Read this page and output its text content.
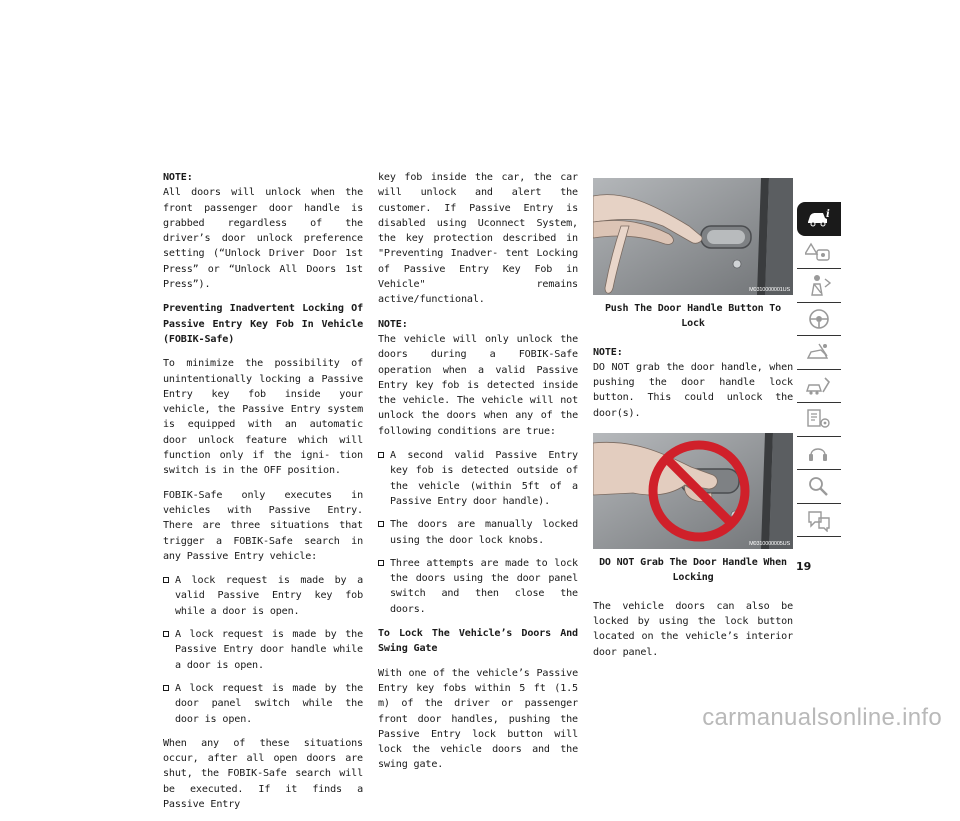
NOTE:
All doors will unlock when the front passenger door handle is grabbed regardless of the driver’s door unlock preference setting (“Unlock Driver Door 1st Press” or “Unlock All Doors 1st Press”).

Preventing Inadvertent Locking Of Passive Entry Key Fob In Vehicle (FOBIK-Safe)

To minimize the possibility of unintentionally locking a Passive Entry key fob inside your vehicle, the Passive Entry system is equipped with an automatic door unlock feature which will function only if the igni- tion switch is in the OFF position.

FOBIK-Safe only executes in vehicles with Passive Entry. There are three situations that trigger a FOBIK-Safe search in any Passive Entry vehicle:

A lock request is made by a valid Passive Entry key fob while a door is open.
A lock request is made by the Passive Entry door handle while a door is open.
A lock request is made by the door panel switch while the door is open.

When any of these situations occur, after all open doors are shut, the FOBIK-Safe search will be executed. If it finds a Passive Entry

key fob inside the car, the car will unlock and alert the customer. If Passive Entry is disabled using Uconnect System, the key protection described in "Preventing Inadver- tent Locking of Passive Entry Key Fob in Vehicle" remains active/functional.

NOTE:
The vehicle will only unlock the doors during a FOBIK-Safe operation when a valid Passive Entry key fob is detected inside the vehicle. The vehicle will not unlock the doors when any of the following conditions are true:

A second valid Passive Entry key fob is detected outside of the vehicle (within 5ft of a Passive Entry door handle).
The doors are manually locked using the door lock knobs.
Three attempts are made to lock the doors using the door panel switch and then close the doors.
To Lock The Vehicle’s Doors And Swing Gate

With one of the vehicle’s Passive Entry key fobs within 5 ft (1.5 m) of the driver or passenger front door handles, pushing the Passive Entry lock button will lock the vehicle doors and the swing gate.

M0310000001US
Push The Door Handle Button To Lock

NOTE:
DO NOT grab the door handle, when pushing the door handle lock button. This could unlock the door(s).

M0310000005US
DO NOT Grab The Door Handle When Locking

The vehicle doors can also be locked by using the lock button located on the vehicle’s interior door panel.

i
19
carmanualsonline.info
